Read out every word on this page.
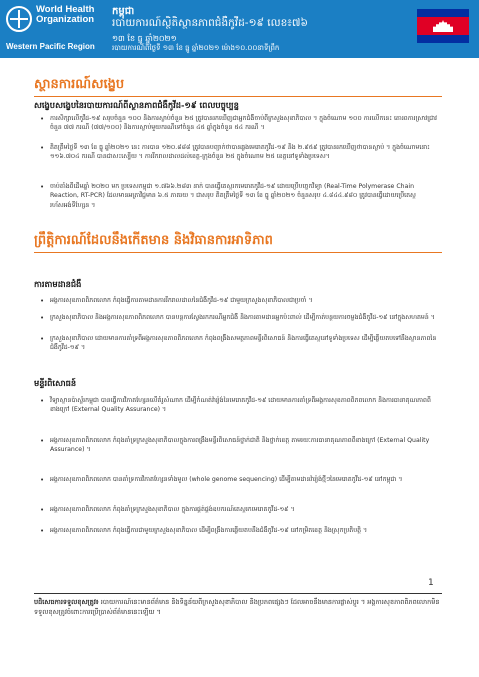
World Health
Organization
Western Pacific Region
កម្ពុជា
របាយការណ៍ស្ថិតិស្ថានភាពជំងឺកូវីដ-១៩ លេខ៖៧៦
១៣ ខែ ធ្នូ ឆ្នាំ២០២១
របាយការណ៍ពីថ្ងៃទី ១៣ ខែ ធ្នូ ឆ្នាំ២០២១ ម៉ោង១០.០០នាទីព្រឹក
ស្ថានការណ៍សង្ខេប
សង្ខេបសង្ខេបនៃរបាយការណ៍ពីស្ថានភាពជំងឺកូវីដ-១៩ ពេលបច្ចុប្បន្ន
• ការសិក្សាលើកូវីដ-១៩ សរុបចំនួន ១០០ និងការស្លាប់ចំនួន ២៥ ត្រូវបានរកឃើញជាអ្នកជំងឺចាប់ពីក្រសួងសុខាភិបាល ។ ក្នុងចំណោម ១០០ ការលើកនេះ គោរពការស្រាវជ្រាវចំនួន ៧៧ ករណី (៧៧/១០០) និងការស្លាប់មួយករណីទៅចំនួន ៤៥ ឆ្នាំក្នុងចំនួន ៥៤ ករណី ។

• គិតត្រឹមថ្ងៃទី ១៣ ខែ ធ្នូ ឆ្នាំ២០២១ នេះ ការបាន ១២០.៨៨៨ ត្រូវបានបញ្ជាក់ថាបានឆ្លងមេរោគកូវីដ-១៩ និង ២.៩៥៩ ត្រូវបានរកឃើញថាបានស្លាប់ ។ ក្នុងចំណោមនោះ ១១៦.៧០៤ ករណី បានជាសះស្បើយ ។ ការរីករាលដាលដល់ខេត្ត-ក្រុងចំនួន ២៥ ក្នុងចំណោម ២៥ ខេត្តនៅទូទាំងប្រទេស។

• ចាប់តាំងពីដើមឆ្នាំ ២០២០ មក ប្រទេសកម្ពុជា ១.៧៦៦.២៨៣ នាក់ បានធ្វើតេស្តរកមេរោគកូវីដ-១៩ ដោយប្រើបច្ចេកវិទ្យា (Real-Time Polymerase Chain Reaction, RT-PCR) ដែលមានអត្រាវិជ្ជមាន ៦.៥ ភាគរយ ។ ជាសរុប គិតត្រឹមថ្ងៃទី ១៣ ខែ ធ្នូ ឆ្នាំ២០២១ ចំនួនសរុប ៤.៨៤៤.៩៨០ ត្រូវបានធ្វើដោយប្រើតេស្តរហ័សអង់ទីហ្សែន ។

ព្រឹត្តិការណ៍ដែលនឹងកើតមាន និងវិធានការអាទិភាព
ការតាមដានជំងឺ
• អង្គការសុខភាពពិភពលោក កំពុងធ្វើការតាមដានការរីករាលដាលនៃជំងឺកូវីដ-១៩ ជាមួយក្រសួងសុខាភិបាលជាប្រចាំ ។

• ក្រសួងសុខាភិបាល និងអង្គការសុខភាពពិភពលោក បានបន្តការស្វែងរកករណីអ្នកជំងឺ និងការតាមដានអ្នកប៉ះពាល់ ដើម្បីកាត់បន្ថយការចម្លងជំងឺកូវីដ-១៩ នៅក្នុងសហគមន៍ ។

• ក្រសួងសុខាភិបាល ដោយមានការគាំទ្រពីអង្គការសុខភាពពិភពលោក កំពុងពង្រឹងសមត្ថភាពមន្ទីរពិសោធន៍ និងការធ្វើតេស្តនៅទូទាំងប្រទេស ដើម្បីឆ្លើយតបទៅនឹងស្ថានភាពនៃជំងឺកូវីដ-១៩ ។

មន្ទីរពិសោធន៍
• វិទ្យាស្ថានប៉ាស្ទ័រកម្ពុជា បានធ្វើការវិភាគហ្សែនលើគំរូសំណាក ដើម្បីកំណត់វ៉ារ្យ៉ង់នៃមេរោគកូវីដ-១៩ ដោយមានការគាំទ្រពីអង្គការសុខភាពពិភពលោក និងការធានាគុណភាពពីខាងក្រៅ (External Quality Assurance) ។

• អង្គការសុខភាពពិភពលោក កំពុងគាំទ្រក្រសួងសុខាភិបាលក្នុងការពង្រឹងមន្ទីរពិសោធន៍ថ្នាក់ជាតិ និងថ្នាក់ខេត្ត តាមរយៈការធានាគុណភាពពីខាងក្រៅ (External Quality Assurance) ។

• អង្គការសុខភាពពិភពលោក បានគាំទ្រការវិភាគហ្សែនទាំងមូល (whole genome sequencing) ដើម្បីតាមដានវ៉ារ្យ៉ង់ថ្មីៗនៃមេរោគកូវីដ-១៩ នៅកម្ពុជា ។

• អង្គការសុខភាពពិភពលោក កំពុងគាំទ្រក្រសួងសុខាភិបាល ក្នុងការផ្គត់ផ្គង់ឧបករណ៍តេស្តរកមេរោគកូវីដ-១៩ ។

• អង្គការសុខភាពពិភពលោក កំពុងធ្វើការជាមួយក្រសួងសុខាភិបាល ដើម្បីពង្រឹងការឆ្លើយតបនឹងជំងឺកូវីដ-១៩ នៅកម្រិតខេត្ត និងស្រុកប្រតិបត្តិ ។

1

បដិសេធការទទួលខុសត្រូវ៖ របាយការណ៍នេះមានព័ត៌មាន និងទិន្នន័យពីក្រសួងសុខាភិបាល និងប្រភពផ្សេងៗ ដែលអាចនឹងមានការផ្លាស់ប្តូរ ។ អង្គការសុខភាពពិភពលោកមិនទទួលខុសត្រូវចំពោះការប្រើប្រាស់ព័ត៌មាននេះឡើយ ។
